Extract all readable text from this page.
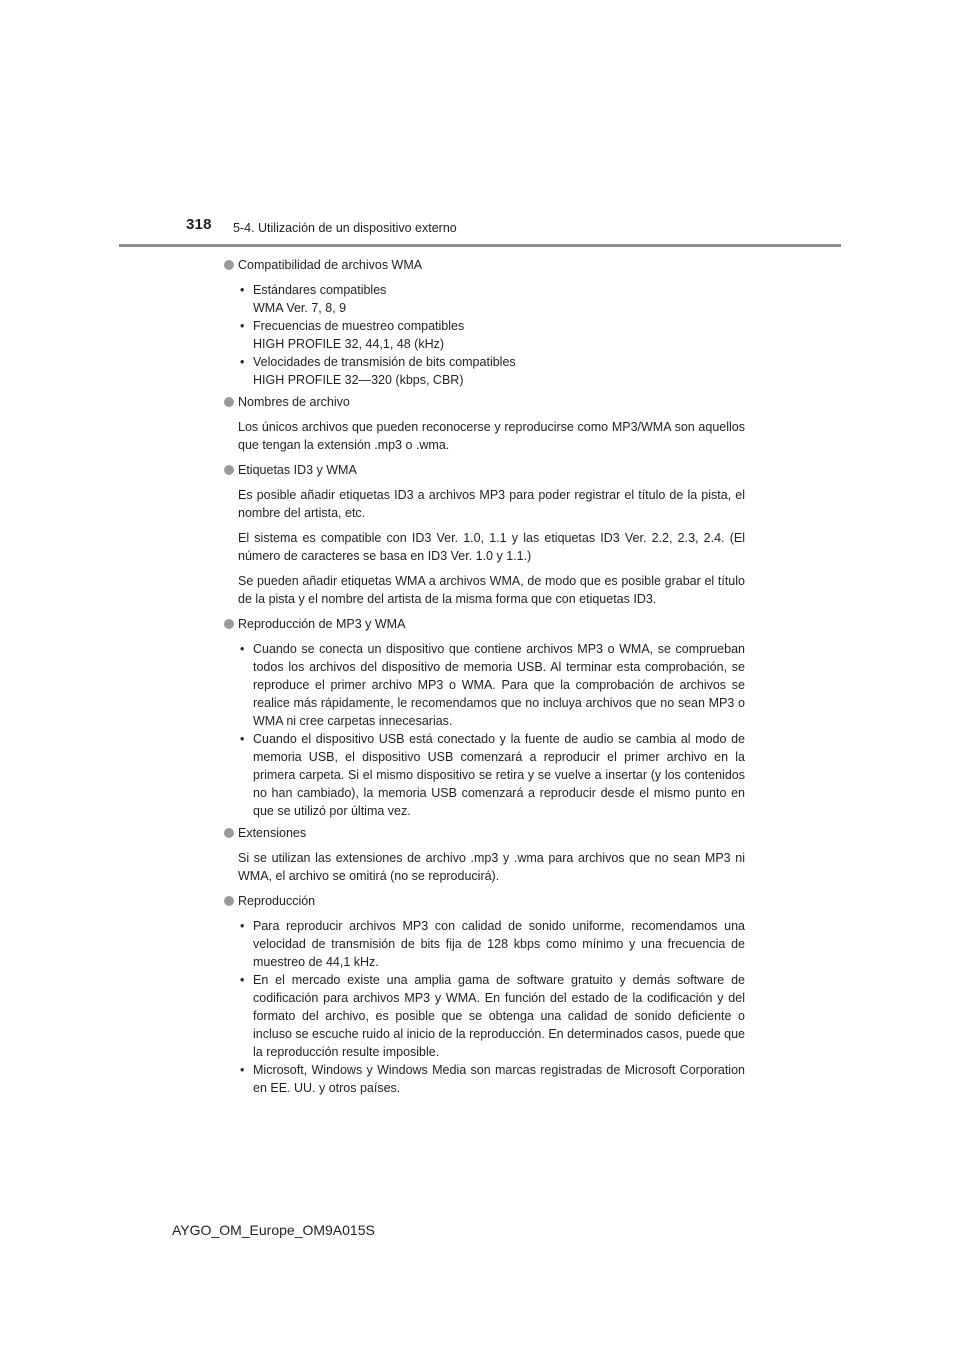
318 5-4. Utilización de un dispositivo externo
Compatibilidad de archivos WMA
• Estándares compatibles
WMA Ver. 7, 8, 9
• Frecuencias de muestreo compatibles
HIGH PROFILE 32, 44,1, 48 (kHz)
• Velocidades de transmisión de bits compatibles
HIGH PROFILE 32—320 (kbps, CBR)
Nombres de archivo

Los únicos archivos que pueden reconocerse y reproducirse como MP3/WMA son aquellos que tengan la extensión .mp3 o .wma.

Etiquetas ID3 y WMA

Es posible añadir etiquetas ID3 a archivos MP3 para poder registrar el título de la pista, el nombre del artista, etc.

El sistema es compatible con ID3 Ver. 1.0, 1.1 y las etiquetas ID3 Ver. 2.2, 2.3, 2.4. (El número de caracteres se basa en ID3 Ver. 1.0 y 1.1.)

Se pueden añadir etiquetas WMA a archivos WMA, de modo que es posible grabar el título de la pista y el nombre del artista de la misma forma que con etiquetas ID3.

Reproducción de MP3 y WMA
• Cuando se conecta un dispositivo que contiene archivos MP3 o WMA, se comprueban todos los archivos del dispositivo de memoria USB. Al terminar esta comprobación, se reproduce el primer archivo MP3 o WMA. Para que la comprobación de archivos se realice más rápidamente, le recomendamos que no incluya archivos que no sean MP3 o WMA ni cree carpetas innecesarias.
• Cuando el dispositivo USB está conectado y la fuente de audio se cambia al modo de memoria USB, el dispositivo USB comenzará a reproducir el primer archivo en la primera carpeta. Si el mismo dispositivo se retira y se vuelve a insertar (y los contenidos no han cambiado), la memoria USB comenzará a reproducir desde el mismo punto en que se utilizó por última vez.
Extensiones

Si se utilizan las extensiones de archivo .mp3 y .wma para archivos que no sean MP3 ni WMA, el archivo se omitirá (no se reproducirá).

Reproducción
• Para reproducir archivos MP3 con calidad de sonido uniforme, recomendamos una velocidad de transmisión de bits fija de 128 kbps como mínimo y una frecuencia de muestreo de 44,1 kHz.
• En el mercado existe una amplia gama de software gratuito y demás software de codificación para archivos MP3 y WMA. En función del estado de la codificación y del formato del archivo, es posible que se obtenga una calidad de sonido deficiente o incluso se escuche ruido al inicio de la reproducción. En determinados casos, puede que la reproducción resulte imposible.
• Microsoft, Windows y Windows Media son marcas registradas de Microsoft Corporation en EE. UU. y otros países.
AYGO_OM_Europe_OM9A015S
